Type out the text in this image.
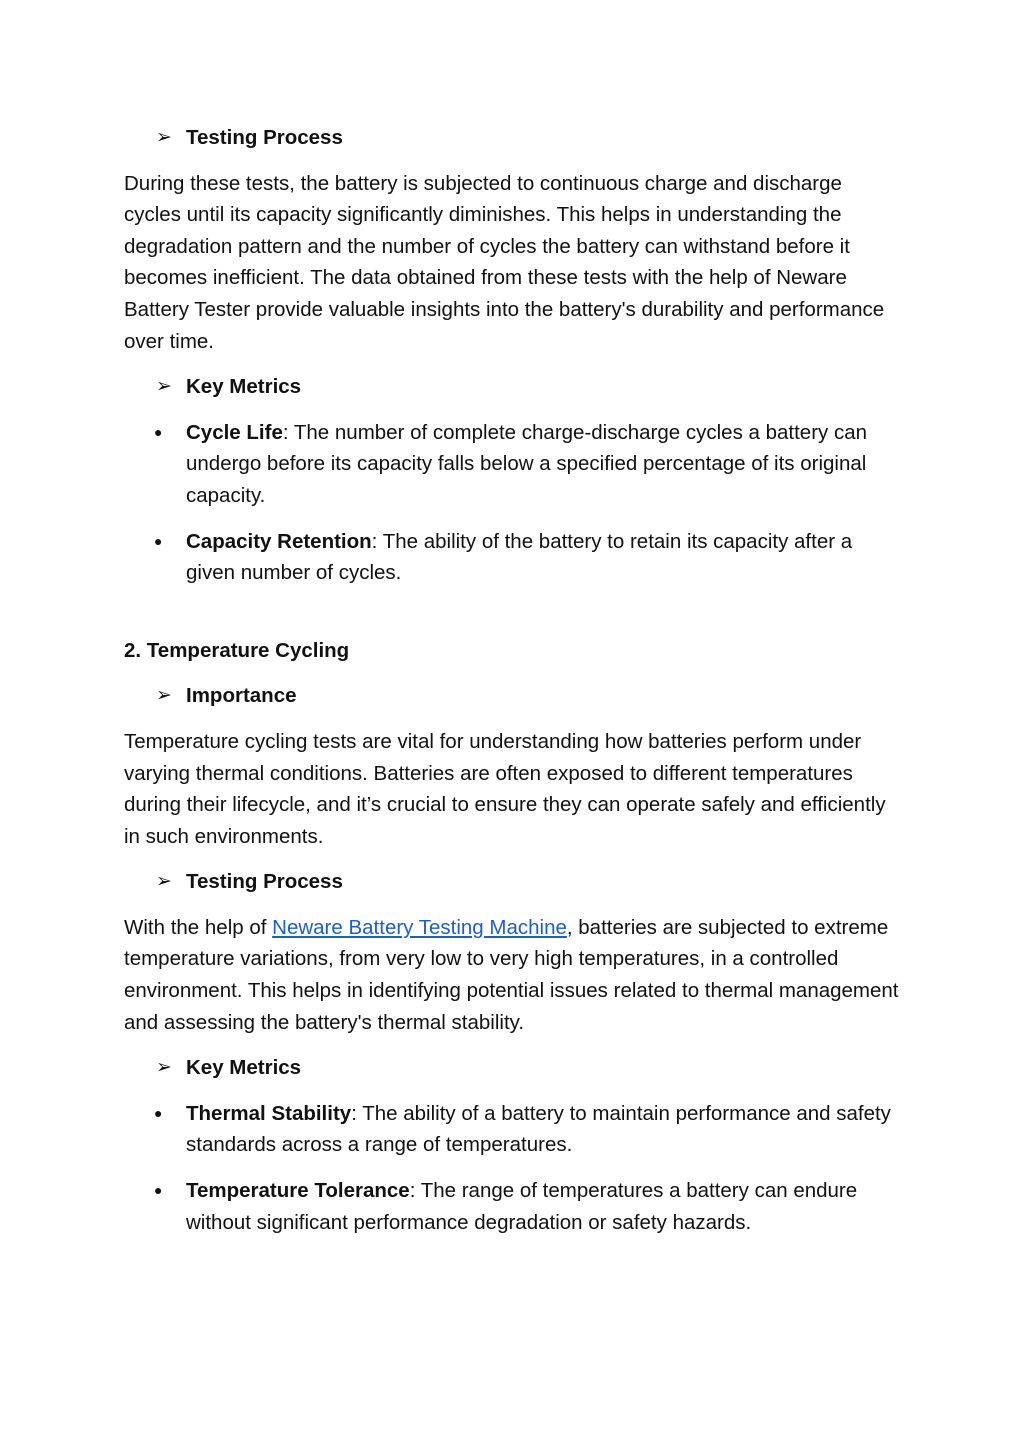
➢ Testing Process

During these tests, the battery is subjected to continuous charge and discharge cycles until its capacity significantly diminishes. This helps in understanding the degradation pattern and the number of cycles the battery can withstand before it becomes inefficient. The data obtained from these tests with the help of Neware Battery Tester provide valuable insights into the battery's durability and performance over time.

➢ Key Metrics
● Cycle Life: The number of complete charge-discharge cycles a battery can undergo before its capacity falls below a specified percentage of its original capacity.
● Capacity Retention: The ability of the battery to retain its capacity after a given number of cycles.
2. Temperature Cycling
➢ Importance

Temperature cycling tests are vital for understanding how batteries perform under varying thermal conditions. Batteries are often exposed to different temperatures during their lifecycle, and it’s crucial to ensure they can operate safely and efficiently in such environments.

➢ Testing Process

With the help of Neware Battery Testing Machine, batteries are subjected to extreme temperature variations, from very low to very high temperatures, in a controlled environment. This helps in identifying potential issues related to thermal management and assessing the battery's thermal stability.

➢ Key Metrics
● Thermal Stability: The ability of a battery to maintain performance and safety standards across a range of temperatures.
● Temperature Tolerance: The range of temperatures a battery can endure without significant performance degradation or safety hazards.
